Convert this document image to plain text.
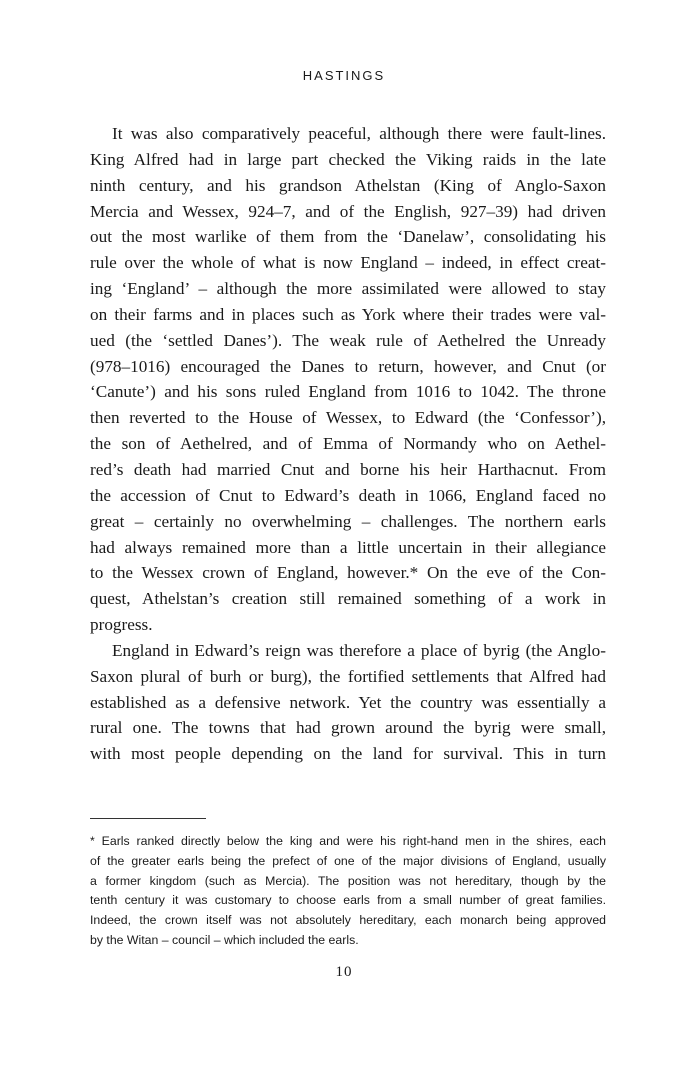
HASTINGS
It was also comparatively peaceful, although there were fault-lines.
King Alfred had in large part checked the Viking raids in the late
ninth century, and his grandson Athelstan (King of Anglo-Saxon
Mercia and Wessex, 924–7, and of the English, 927–39) had driven
out the most warlike of them from the ‘Danelaw’, consolidating his
rule over the whole of what is now England – indeed, in effect creat-
ing ‘England’ – although the more assimilated were allowed to stay
on their farms and in places such as York where their trades were val-
ued (the ‘settled Danes’). The weak rule of Aethelred the Unready
(978–1016) encouraged the Danes to return, however, and Cnut (or
‘Canute’) and his sons ruled England from 1016 to 1042. The throne
then reverted to the House of Wessex, to Edward (the ‘Confessor’),
the son of Aethelred, and of Emma of Normandy who on Aethel-
red’s death had married Cnut and borne his heir Harthacnut. From
the accession of Cnut to Edward’s death in 1066, England faced no
great – certainly no overwhelming – challenges. The northern earls
had always remained more than a little uncertain in their allegiance
to the Wessex crown of England, however.* On the eve of the Con-
quest, Athelstan’s creation still remained something of a work in
progress.
England in Edward’s reign was therefore a place of byrig (the Anglo-
Saxon plural of burh or burg), the fortified settlements that Alfred had
established as a defensive network. Yet the country was essentially a
rural one. The towns that had grown around the byrig were small,
with most people depending on the land for survival. This in turn
* Earls ranked directly below the king and were his right-hand men in the shires, each
of the greater earls being the prefect of one of the major divisions of England, usually
a former kingdom (such as Mercia). The position was not hereditary, though by the
tenth century it was customary to choose earls from a small number of great families.
Indeed, the crown itself was not absolutely hereditary, each monarch being approved
by the Witan – council – which included the earls.
10
